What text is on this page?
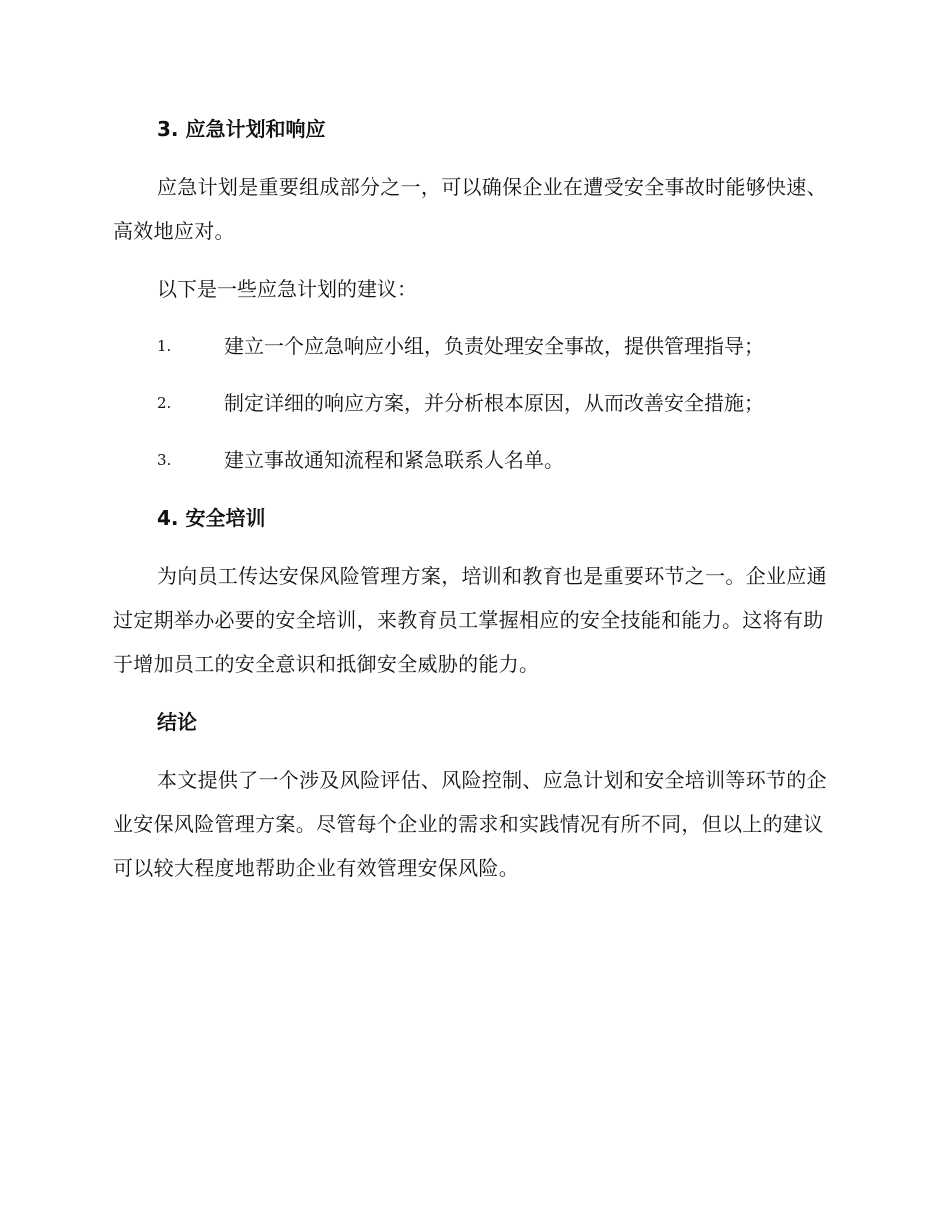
3. 应急计划和响应

应急计划是重要组成部分之一，可以确保企业在遭受安全事故时能够快速、高效地应对。

以下是一些应急计划的建议：

1.	建立一个应急响应小组，负责处理安全事故，提供管理指导；
2.	制定详细的响应方案，并分析根本原因，从而改善安全措施；
3.	建立事故通知流程和紧急联系人名单。
4. 安全培训

为向员工传达安保风险管理方案，培训和教育也是重要环节之一。企业应通过定期举办必要的安全培训，来教育员工掌握相应的安全技能和能力。这将有助于增加员工的安全意识和抵御安全威胁的能力。

结论

本文提供了一个涉及风险评估、风险控制、应急计划和安全培训等环节的企业安保风险管理方案。尽管每个企业的需求和实践情况有所不同，但以上的建议可以较大程度地帮助企业有效管理安保风险。
